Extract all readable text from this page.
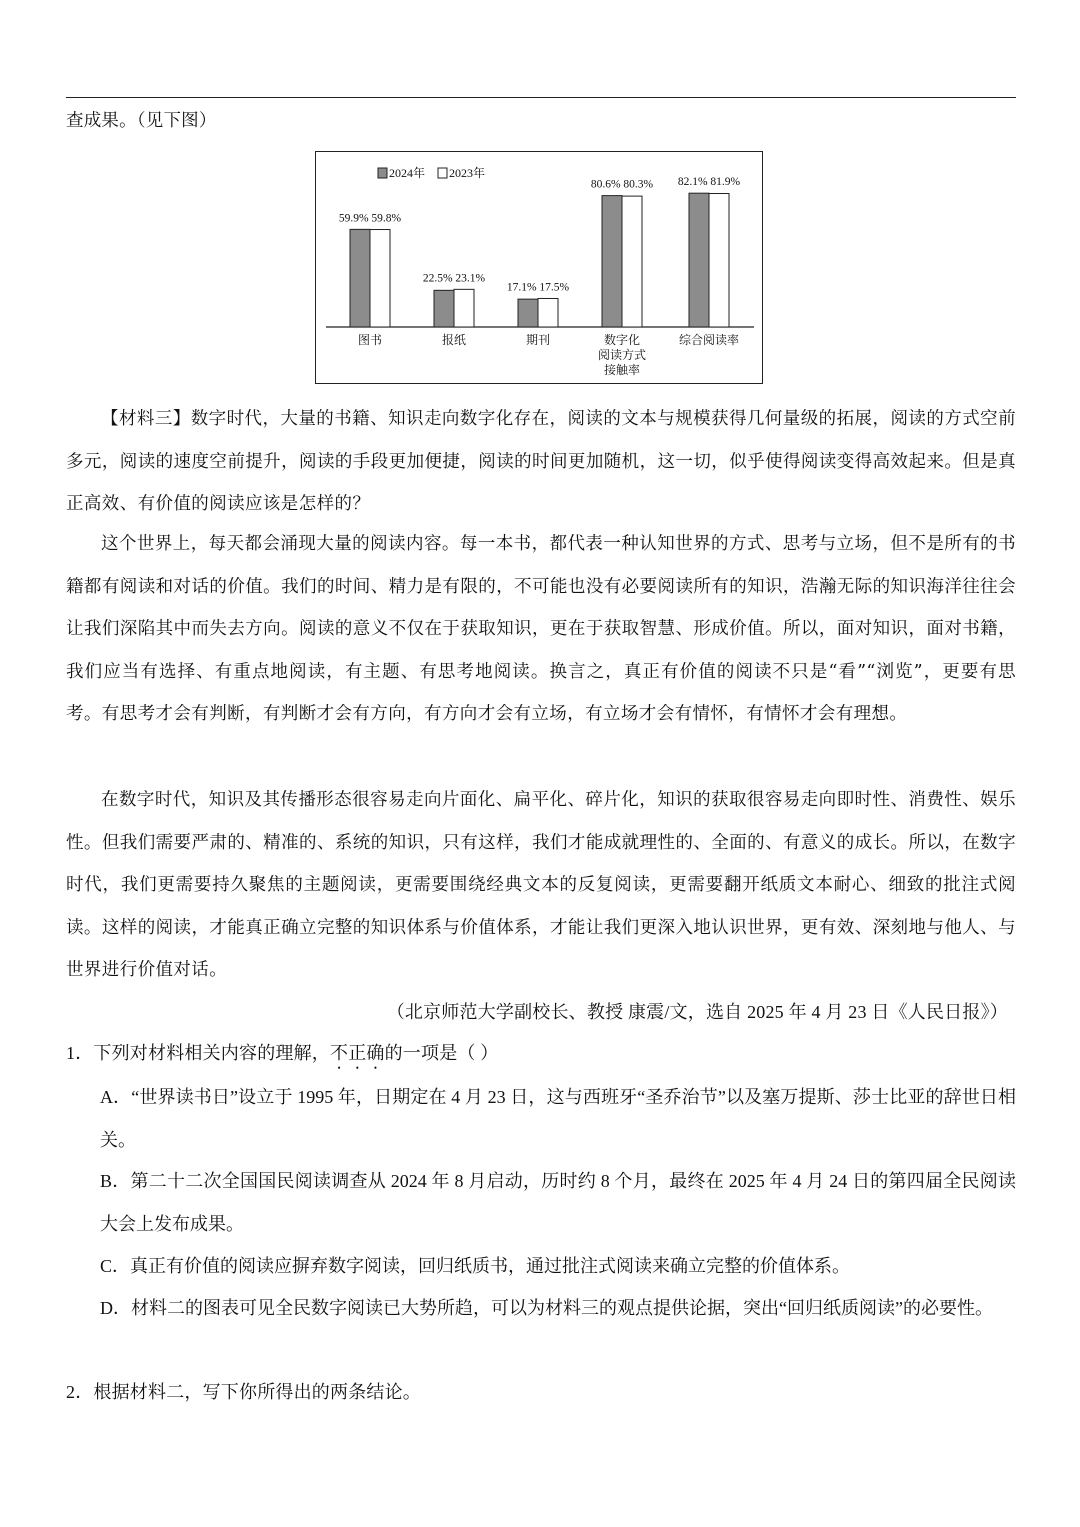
查成果。（见下图）
2024年 2023年
59.9% 59.8%
图书
22.5% 23.1%
报纸
17.1% 17.5%
期刊
80.6% 80.3%
数字化阅读方式接触率
82.1% 81.9%
综合阅读率
【材料三】数字时代，大量的书籍、知识走向数字化存在，阅读的文本与规模获得几何量级的拓展，阅读的方式空前多元，阅读的速度空前提升，阅读的手段更加便捷，阅读的时间更加随机，这一切，似乎使得阅读变得高效起来。但是真正高效、有价值的阅读应该是怎样的？
这个世界上，每天都会涌现大量的阅读内容。每一本书，都代表一种认知世界的方式、思考与立场，但不是所有的书籍都有阅读和对话的价值。我们的时间、精力是有限的，不可能也没有必要阅读所有的知识，浩瀚无际的知识海洋往往会让我们深陷其中而失去方向。阅读的意义不仅在于获取知识，更在于获取智慧、形成价值。所以，面对知识，面对书籍，我们应当有选择、有重点地阅读，有主题、有思考地阅读。换言之，真正有价值的阅读不只是“看”“浏览”，更要有思考。有思考才会有判断，有判断才会有方向，有方向才会有立场，有立场才会有情怀，有情怀才会有理想。
在数字时代，知识及其传播形态很容易走向片面化、扁平化、碎片化，知识的获取很容易走向即时性、消费性、娱乐性。但我们需要严肃的、精准的、系统的知识，只有这样，我们才能成就理性的、全面的、有意义的成长。所以，在数字时代，我们更需要持久聚焦的主题阅读，更需要围绕经典文本的反复阅读，更需要翻开纸质文本耐心、细致的批注式阅读。这样的阅读，才能真正确立完整的知识体系与价值体系，才能让我们更深入地认识世界，更有效、深刻地与他人、与世界进行价值对话。
（北京师范大学副校长、教授 康震/文，选自 2025 年 4 月 23 日《人民日报》）
1．下列对材料相关内容的理解，不正确的一项是（ ）
A．“世界读书日”设立于 1995 年，日期定在 4 月 23 日，这与西班牙“圣乔治节”以及塞万提斯、莎士比亚的辞世日相关。
B．第二十二次全国国民阅读调查从 2024 年 8 月启动，历时约 8 个月，最终在 2025 年 4 月 24 日的第四届全民阅读大会上发布成果。
C．真正有价值的阅读应摒弃数字阅读，回归纸质书，通过批注式阅读来确立完整的价值体系。
D．材料二的图表可见全民数字阅读已大势所趋，可以为材料三的观点提供论据，突出“回归纸质阅读”的必要性。
2．根据材料二，写下你所得出的两条结论。
